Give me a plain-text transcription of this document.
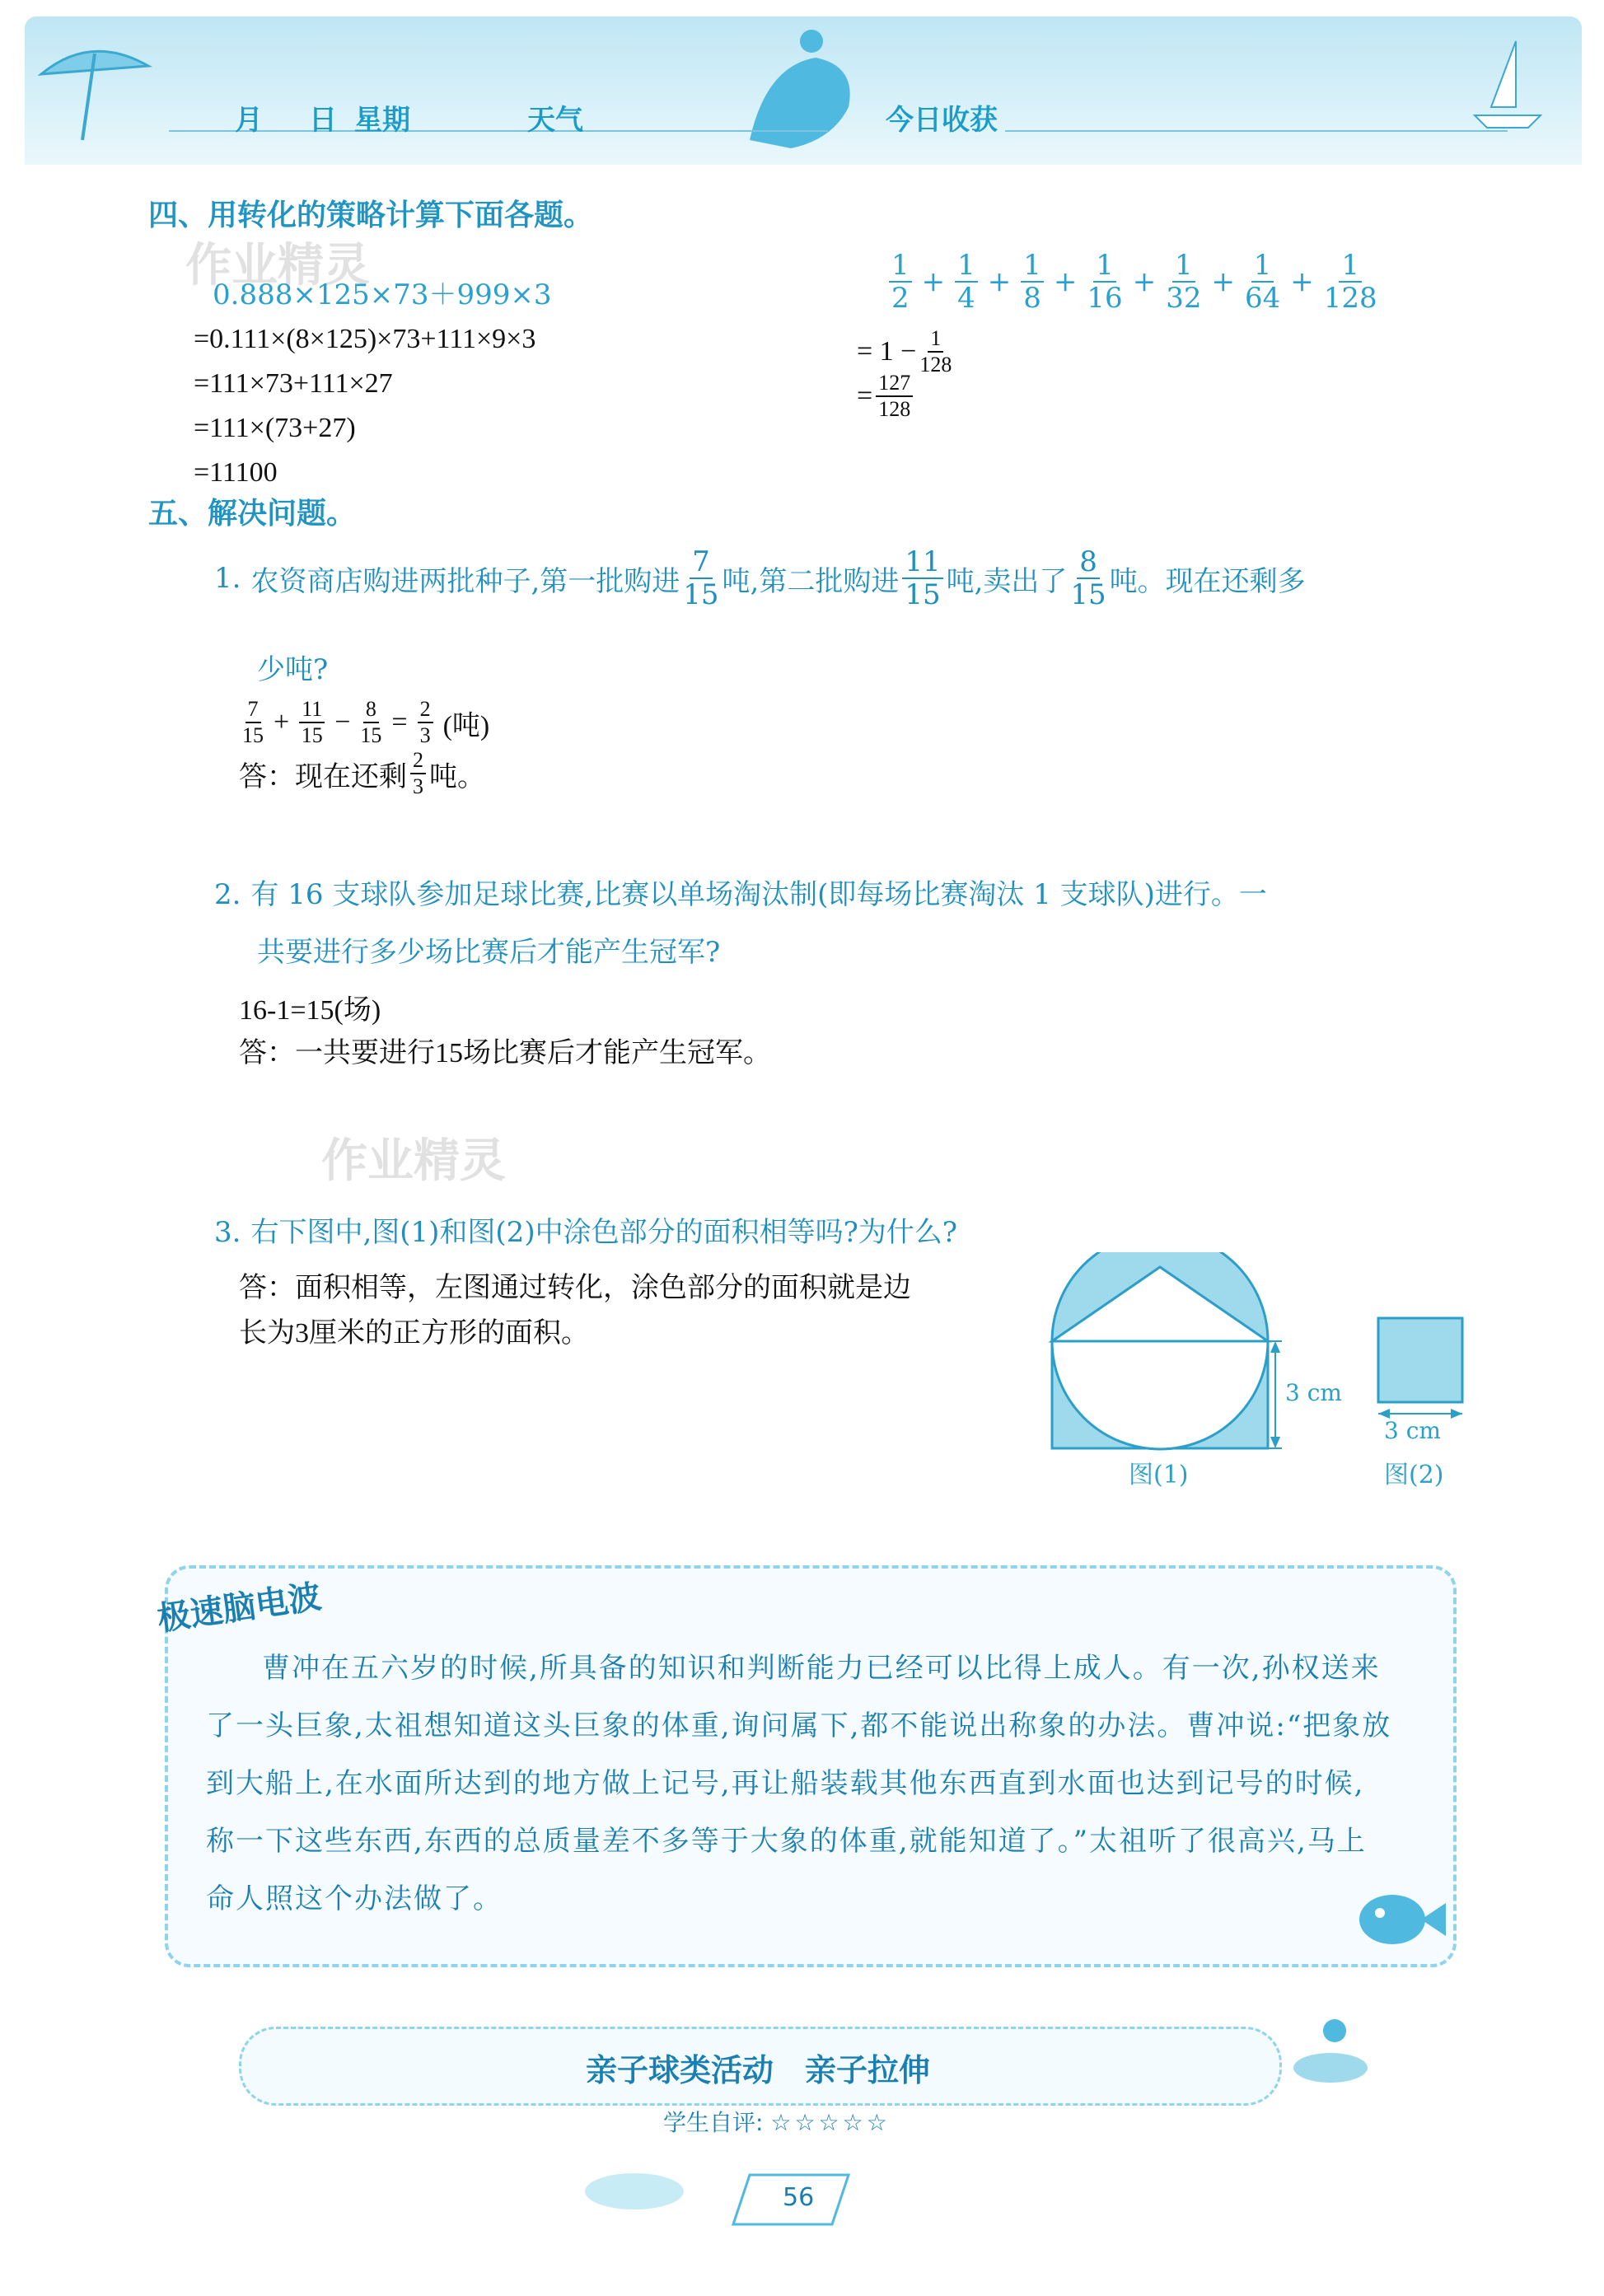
月 日 星期	天气	今日收获
作业精灵
作业精灵
四、用转化的策略计算下面各题。
0.888×125×73＋999×3
=0.111×(8×125)×73+111×9×3
=111×73+111×27
=111×(73+27)
=11100
$\frac{1}{2} + \frac{1}{4} + \frac{1}{8} + \frac{1}{16} + \frac{1}{32} + \frac{1}{64} + \frac{1}{128}$
= $1 - \frac{1}{128}$
= $\frac{127}{128}$
五、解决问题。
1. 农资商店购进两批种子,第一批购进 $\frac{7}{15}$ 吨,第二批购进 $\frac{11}{15}$ 吨,卖出了 $\frac{8}{15}$ 吨。现在还剩多
少吨?
$\frac{7}{15} + \frac{11}{15} - \frac{8}{15} = \frac{2}{3}$ (吨)
答：现在还剩 $\frac{2}{3}$ 吨。
2. 有 16 支球队参加足球比赛,比赛以单场淘汰制(即每场比赛淘汰 1 支球队)进行。一
共要进行多少场比赛后才能产生冠军?
16-1=15(场)
答：一共要进行15场比赛后才能产生冠军。
3. 右下图中,图(1)和图(2)中涂色部分的面积相等吗?为什么?
答：面积相等，左图通过转化，涂色部分的面积就是边
长为3厘米的正方形的面积。
3 cm
图(1)
3 cm
图(2)
极速脑电波
曹冲在五六岁的时候,所具备的知识和判断能力已经可以比得上成人。有一次,孙权送来了一头巨象,太祖想知道这头巨象的体重,询问属下,都不能说出称象的办法。曹冲说:“把象放到大船上,在水面所达到的地方做上记号,再让船装载其他东西直到水面也达到记号的时候,称一下这些东西,东西的总质量差不多等于大象的体重,就能知道了。”太祖听了很高兴,马上命人照这个办法做了。
亲子球类活动　亲子拉伸
学生自评: ☆☆☆☆☆
56
